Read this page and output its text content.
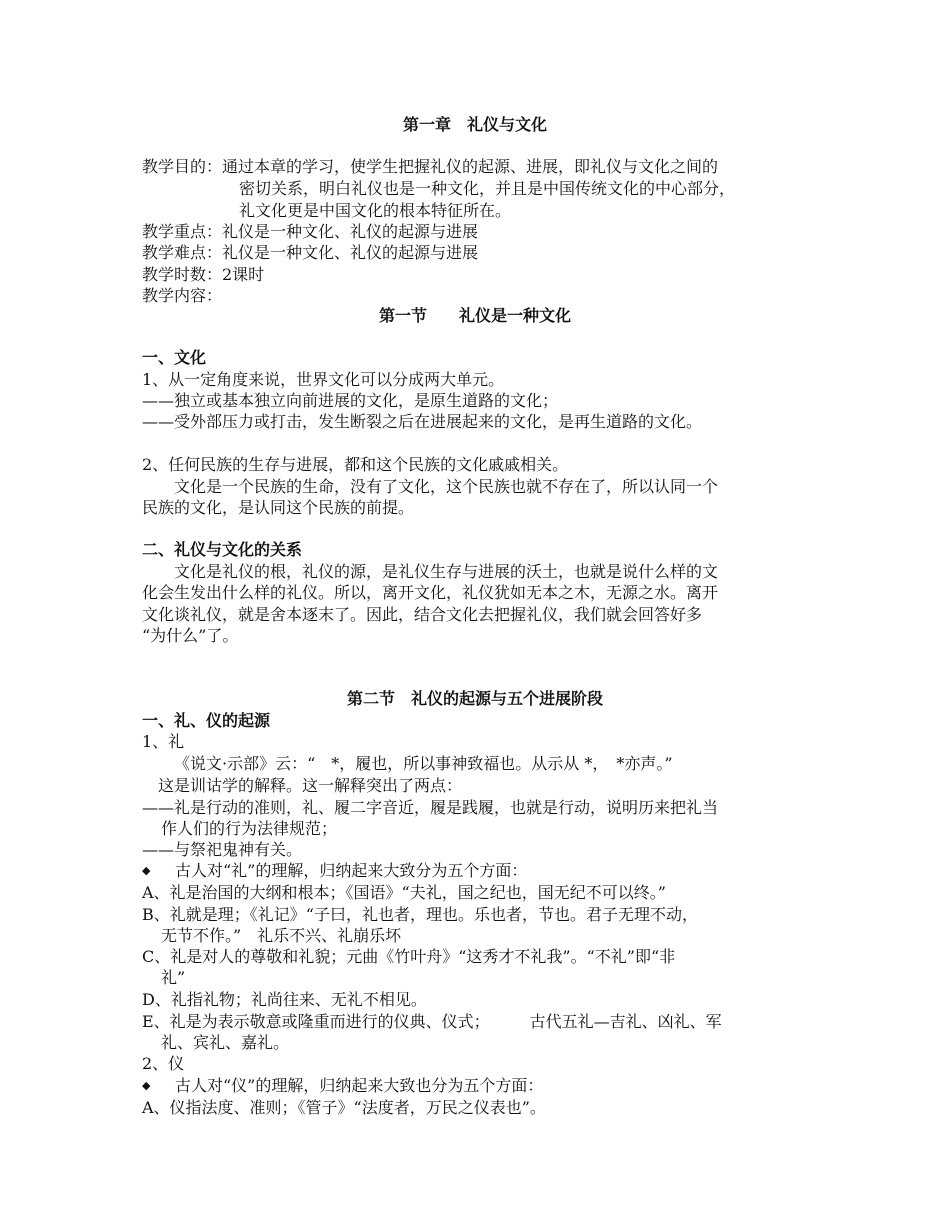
第一章　礼仪与文化
教学目的：通过本章的学习，使学生把握礼仪的起源、进展，即礼仪与文化之间的
密切关系，明白礼仪也是一种文化，并且是中国传统文化的中心部分，
礼文化更是中国文化的根本特征所在。
教学重点：礼仪是一种文化、礼仪的起源与进展
教学难点：礼仪是一种文化、礼仪的起源与进展
教学时数：2课时
教学内容：
第一节　　礼仪是一种文化
一、文化
1、从一定角度来说，世界文化可以分成两大单元。
——独立或基本独立向前进展的文化，是原生道路的文化；
——受外部压力或打击，发生断裂之后在进展起来的文化，是再生道路的文化。
2、任何民族的生存与进展，都和这个民族的文化戚戚相关。
　　文化是一个民族的生命，没有了文化，这个民族也就不存在了，所以认同一个
民族的文化，是认同这个民族的前提。
二、礼仪与文化的关系
　　文化是礼仪的根，礼仪的源，是礼仪生存与进展的沃土，也就是说什么样的文
化会生发出什么样的礼仪。所以，离开文化，礼仪犹如无本之木，无源之水。离开
文化谈礼仪，就是舍本逐末了。因此，结合文化去把握礼仪，我们就会回答好多
“为什么”了。
第二节　礼仪的起源与五个进展阶段
一、礼、仪的起源
1、礼
《说文·示部》云：“　*，履也，所以事神致福也。从示从 *，　*亦声。”
这是训诂学的解释。这一解释突出了两点：
——礼是行动的准则，礼、履二字音近，履是践履，也就是行动，说明历来把礼当
作人们的行为法律规范；
——与祭祀鬼神有关。
◆ 古人对“礼”的理解，归纳起来大致分为五个方面：
A、礼是治国的大纲和根本；《国语》“夫礼，国之纪也，国无纪不可以终。”
B、礼就是理；《礼记》“子曰，礼也者，理也。乐也者，节也。君子无理不动，
无节不作。”　礼乐不兴、礼崩乐坏
C、礼是对人的尊敬和礼貌；元曲《竹叶舟》“这秀才不礼我”。“不礼”即“非
礼”
D、礼指礼物；礼尚往来、无礼不相见。
E、礼是为表示敬意或隆重而进行的仪典、仪式；　　　古代五礼—吉礼、凶礼、军
礼、宾礼、嘉礼。
2、仪
◆ 古人对“仪”的理解，归纳起来大致也分为五个方面：
A、仪指法度、准则；《管子》“法度者，万民之仪表也”。
